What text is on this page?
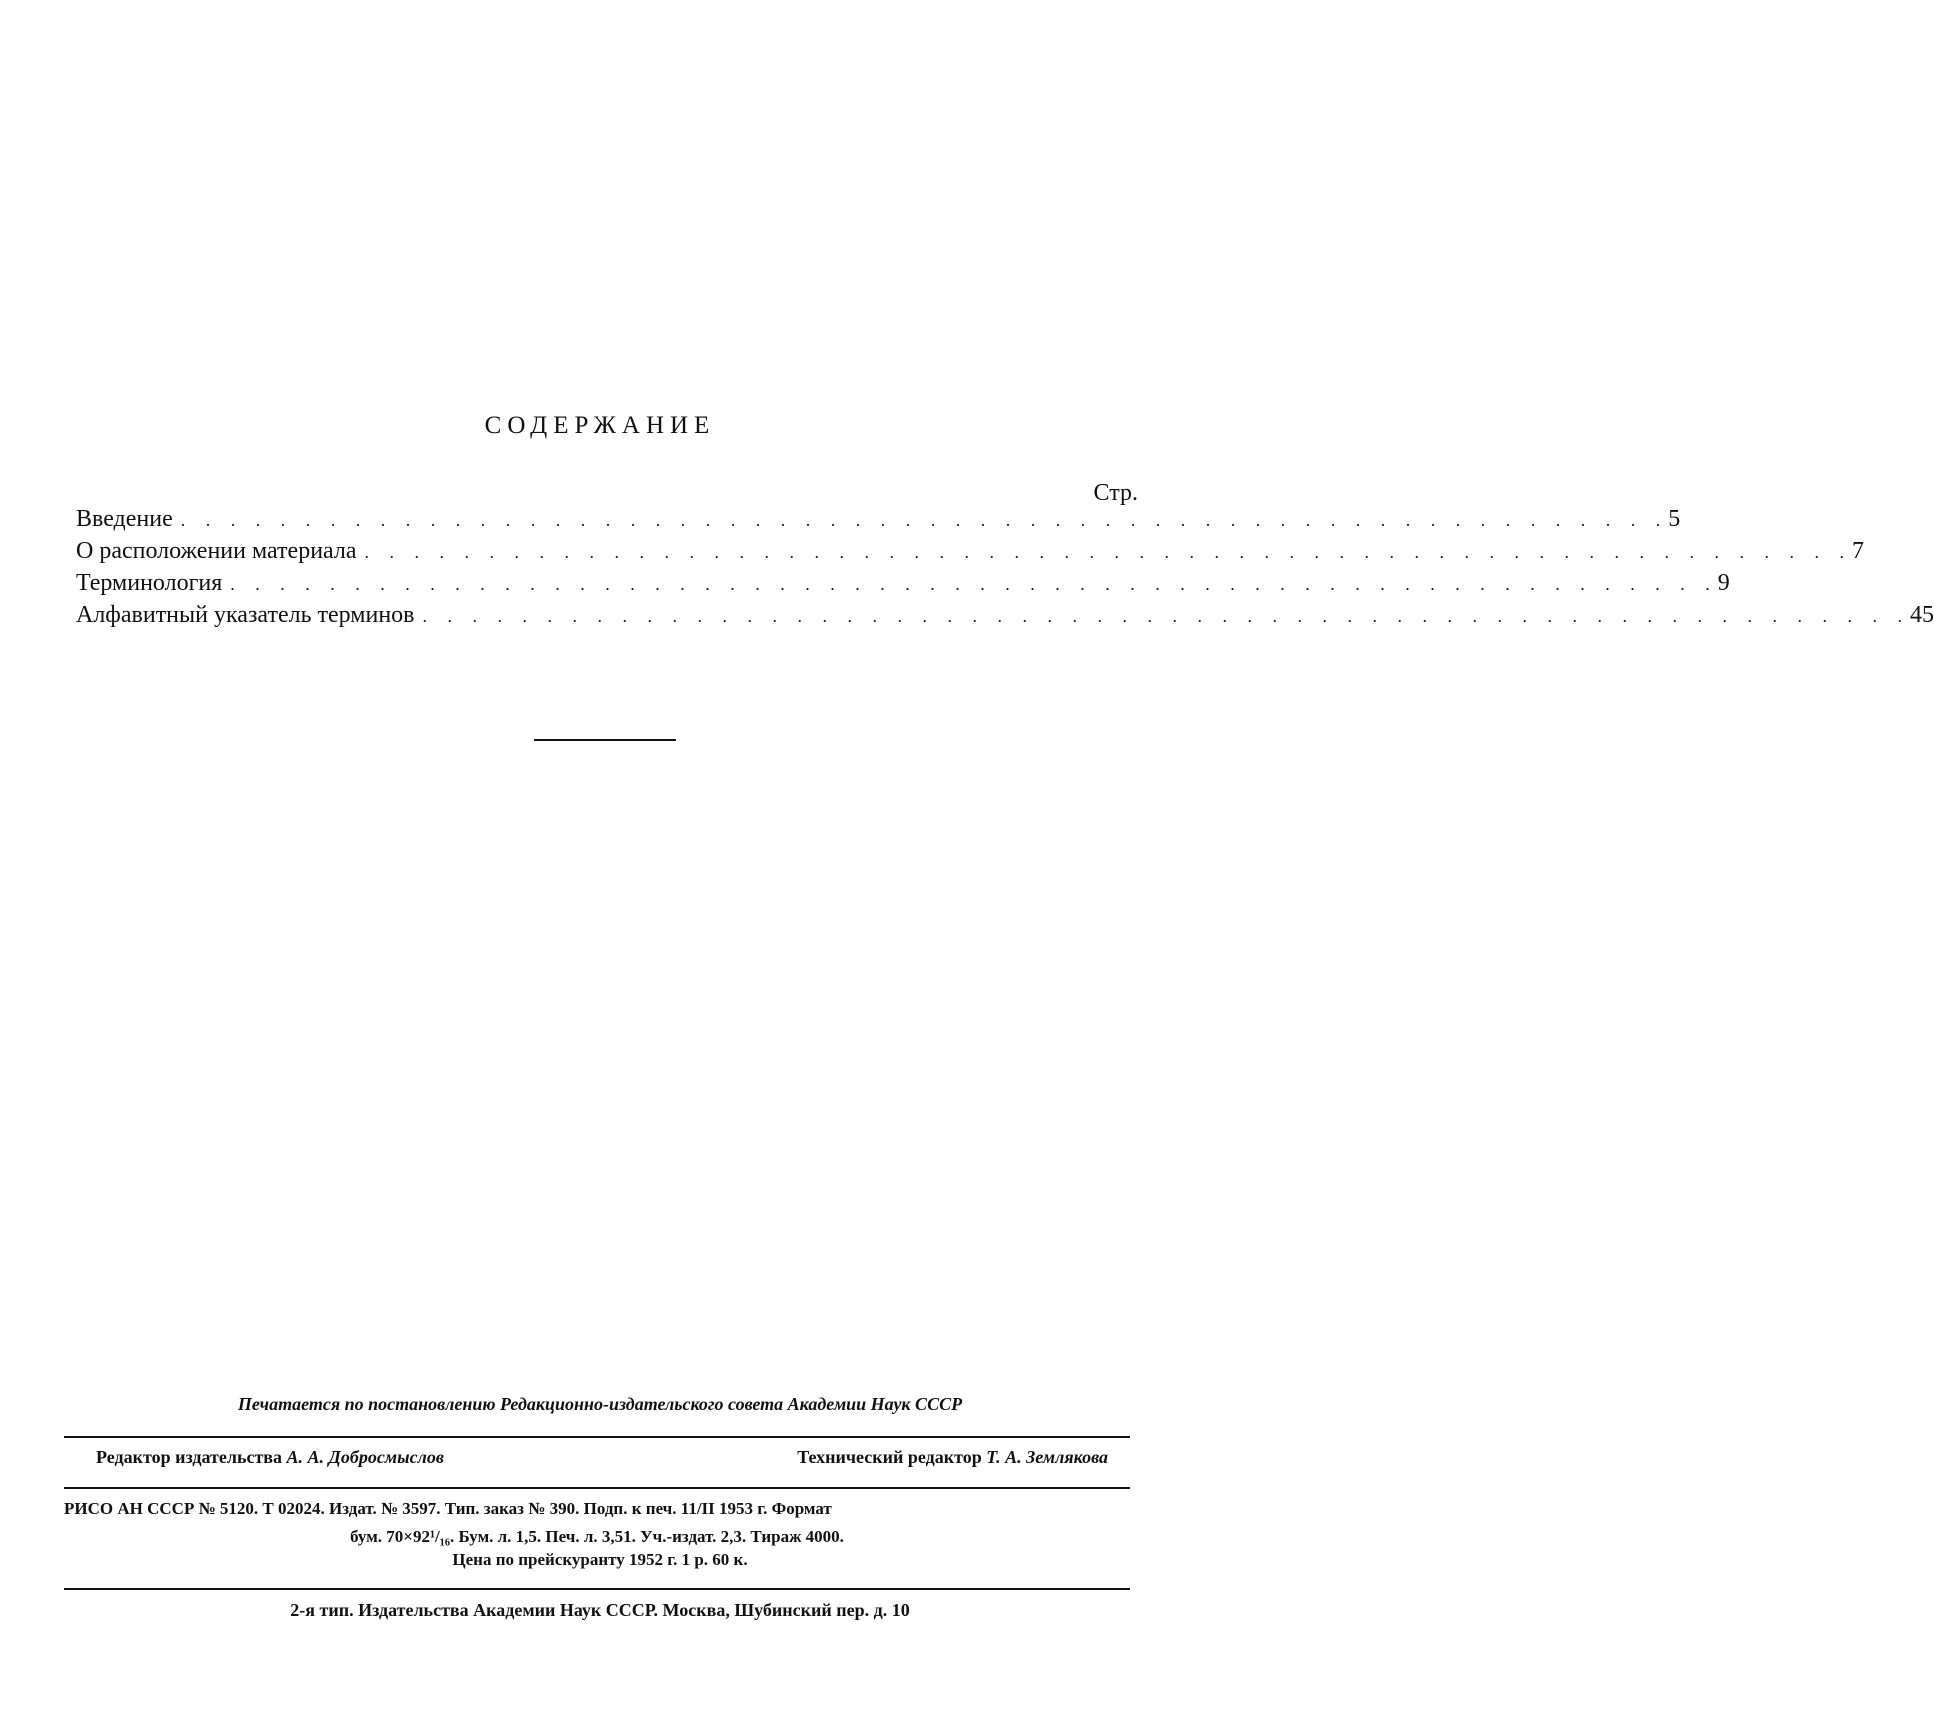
СОДЕРЖАНИЕ
Стр.
Введение . . . . . . . . . . . . . . . . . . . . . . . . . . . . . . . . . . . . . . . . . . . . . . . . . . . . . . . . . . . . 5
О расположении материала . . . . . . . . . . . . . . . . . . . . . . . . . . . . . . . . . . . . . . . . . . . . . . . . . . . . . . . . . . . . 7
Терминология . . . . . . . . . . . . . . . . . . . . . . . . . . . . . . . . . . . . . . . . . . . . . . . . . . . . . . . . . . . . 9
Алфавитный указатель терминов . . . . . . . . . . . . . . . . . . . . . . . . . . . . . . . . . . . . . . . . . . . . . . . . . . . . . . . . . . . . 45
Печатается по постановлению Редакционно-издательского совета Академии Наук СССР
Редактор издательства А. А. Добросмыслов	Технический редактор Т. А. Землякова
РИСО АН СССР № 5120. Т 02024. Издат. № 3597. Тип. заказ № 390. Подп. к печ. 11/II 1953 г. Формат
бум. 70×92¹/₁₆. Бум. л. 1,5. Печ. л. 3,51. Уч.-издат. 2,3. Тираж 4000.
Цена по прейскуранту 1952 г. 1 р. 60 к.
2-я тип. Издательства Академии Наук СССР. Москва, Шубинский пер. д. 10
